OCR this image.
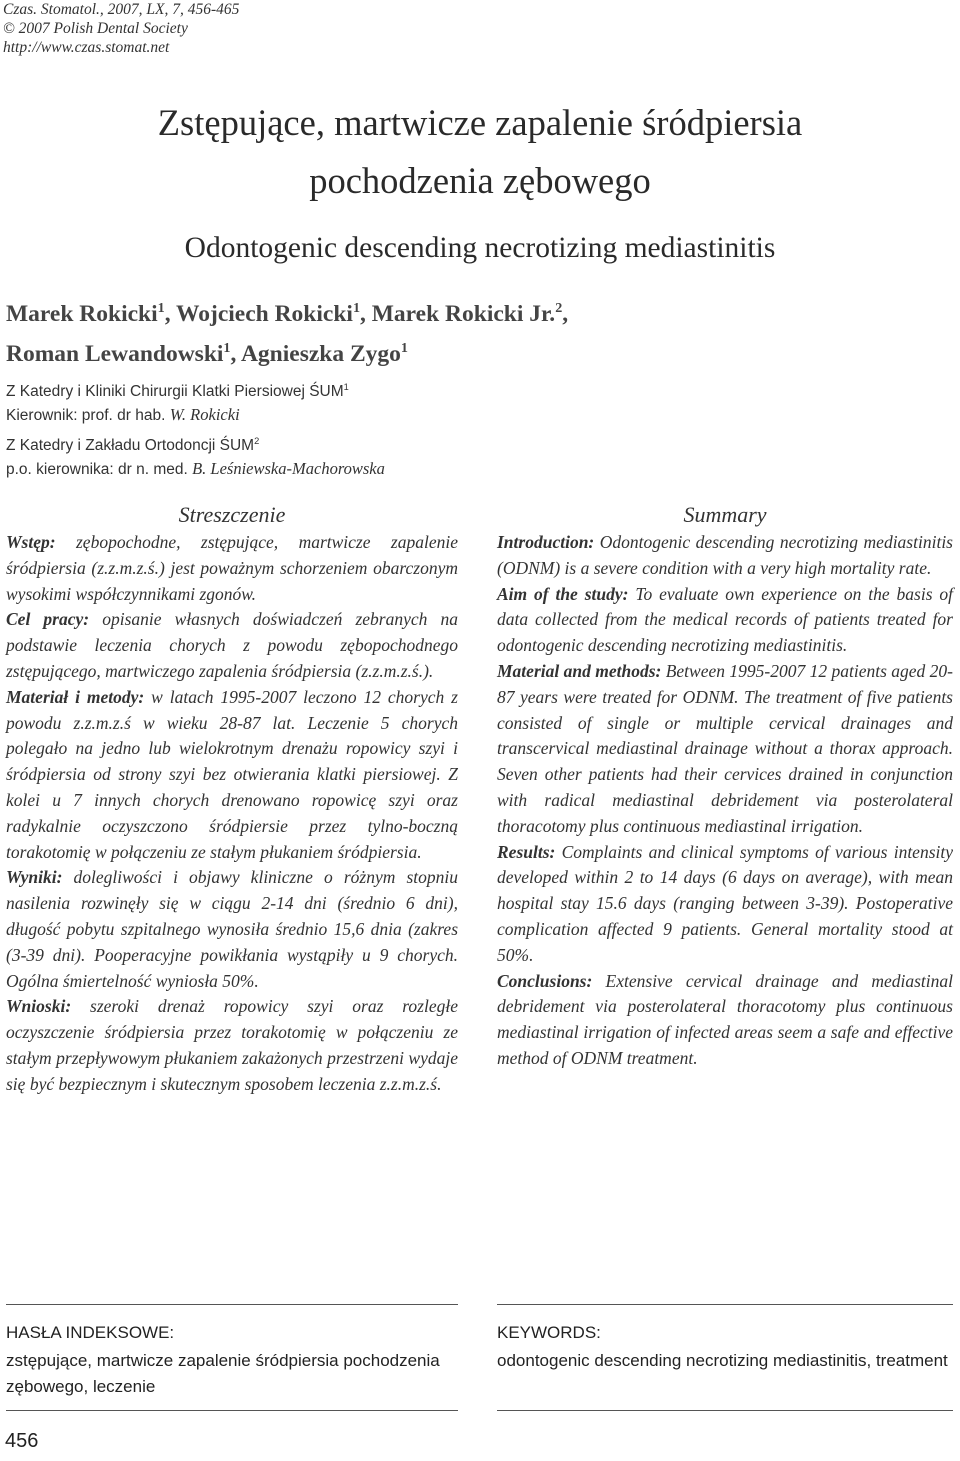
Czas. Stomatol., 2007, LX, 7, 456-465
© 2007 Polish Dental Society
http://www.czas.stomat.net
Zstępujące, martwicze zapalenie śródpiersia
pochodzenia zębowego
Odontogenic descending necrotizing mediastinitis
Marek Rokicki$^1$, Wojciech Rokicki$^1$, Marek Rokicki Jr.$^2$,
Roman Lewandowski$^1$, Agnieszka Zygo$^1$
Z Katedry i Kliniki Chirurgii Klatki Piersiowej ŚUM$^1$
Kierownik: prof. dr hab. W. Rokicki
Z Katedry i Zakładu Ortodoncji ŚUM$^2$
p.o. kierownika: dr n. med. B. Leśniewska-Machorowska
Streszczenie

Wstęp: zębopochodne, zstępujące, martwicze zapalenie śródpiersia (z.z.m.z.ś.) jest poważnym schorzeniem obarczonym wysokimi współczynnikami zgonów.

Cel pracy: opisanie własnych doświadczeń zebranych na podstawie leczenia chorych z powodu zębopochodnego zstępującego, martwiczego zapalenia śródpiersia (z.z.m.z.ś.).

Materiał i metody: w latach 1995-2007 leczono 12 chorych z powodu z.z.m.z.ś w wieku 28-87 lat. Leczenie 5 chorych polegało na jedno lub wielokrotnym drenażu ropowicy szyi i śródpiersia od strony szyi bez otwierania klatki piersiowej. Z kolei u 7 innych chorych drenowano ropowicę szyi oraz radykalnie oczyszczono śródpiersie przez tylno-boczną torakotomię w połączeniu ze stałym płukaniem śródpiersia.

Wyniki: dolegliwości i objawy kliniczne o różnym stopniu nasilenia rozwinęły się w ciągu 2-14 dni (średnio 6 dni), długość pobytu szpitalnego wynosiła średnio 15,6 dnia (zakres (3-39 dni). Pooperacyjne powikłania wystąpiły u 9 chorych. Ogólna śmiertelność wyniosła 50%.

Wnioski: szeroki drenaż ropowicy szyi oraz rozległe oczyszczenie śródpiersia przez torakotomię w połączeniu ze stałym przepływowym płukaniem zakażonych przestrzeni wydaje się być bezpiecznym i skutecznym sposobem leczenia z.z.m.z.ś.

Summary

Introduction: Odontogenic descending necrotizing mediastinitis (ODNM) is a severe condition with a very high mortality rate.

Aim of the study: To evaluate own experience on the basis of data collected from the medical records of patients treated for odontogenic descending necrotizing mediastinitis.

Material and methods: Between 1995-2007 12 patients aged 20-87 years were treated for ODNM. The treatment of five patients consisted of single or multiple cervical drainages and transcervical mediastinal drainage without a thorax approach. Seven other patients had their cervices drained in conjunction with radical mediastinal debridement via posterolateral thoracotomy plus continuous mediastinal irrigation.

Results: Complaints and clinical symptoms of various intensity developed within 2 to 14 days (6 days on average), with mean hospital stay 15.6 days (ranging between 3-39). Postoperative complication affected 9 patients. General mortality stood at 50%.

Conclusions: Extensive cervical drainage and mediastinal debridement via posterolateral thoracotomy plus continuous mediastinal irrigation of infected areas seem a safe and effective method of ODNM treatment.

HASŁA INDEKSOWE:
zstępujące, martwicze zapalenie śródpiersia pochodzenia zębowego, leczenie
KEYWORDS:
odontogenic descending necrotizing mediastinitis, treatment
456
